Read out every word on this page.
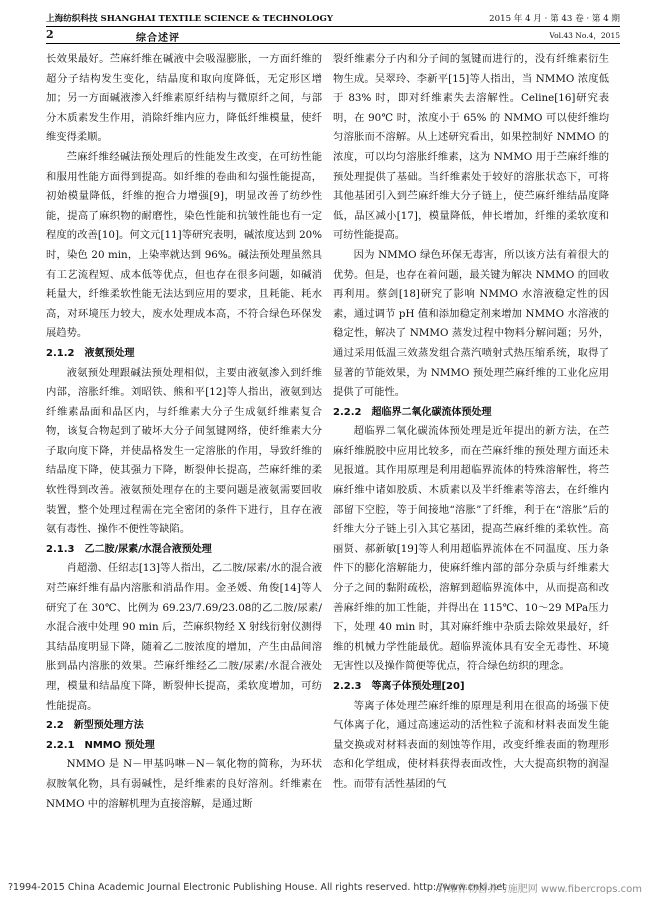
上海纺织科技 SHANGHAI TEXTILE SCIENCE & TECHNOLOGY	2015 年 4 月 · 第 43 卷 · 第 4 期
2	综合述评	Vol.43 No.4，2015

长效果最好。苎麻纤维在碱液中会吸湿膨胀，一方面纤维的超分子结构发生变化，结晶度和取向度降低，无定形区增加；另一方面碱液渗入纤维素原纤结构与微原纤之间，与部分木质素发生作用，消除纤维内应力，降低纤维模量，使纤维变得柔顺。

苎麻纤维经碱法预处理后的性能发生改变，在可纺性能和服用性能方面得到提高。如纤维的卷曲和勾强性能提高，初始模量降低，纤维的抱合力增强[9]，明显改善了纺纱性能，提高了麻织物的耐磨性，染色性能和抗皱性能也有一定程度的改善[10]。何文元[11]等研究表明，碱浓度达到 20%时，染色 20 min，上染率就达到 96%。碱法预处理虽然具有工艺流程短、成本低等优点，但也存在很多问题，如碱消耗量大，纤维柔软性能无法达到应用的要求，且耗能、耗水高，对环境压力较大，废水处理成本高，不符合绿色环保发展趋势。

2.1.2　液氨预处理

液氨预处理跟碱法预处理相似，主要由液氨渗入到纤维内部，溶胀纤维。刘昭铁、熊和平[12]等人指出，液氨到达纤维素晶面和晶区内，与纤维素大分子生成氨纤维素复合物，该复合物起到了破坏大分子间氢键网络，使纤维素大分子取向度下降，并使晶格发生一定溶胀的作用，导致纤维的结晶度下降，使其强力下降，断裂伸长提高，苎麻纤维的柔软性得到改善。液氨预处理存在的主要问题是液氨需要回收装置，整个处理过程需在完全密闭的条件下进行，且存在液氨有毒性、操作不便性等缺陷。

2.1.3　乙二胺/尿素/水混合液预处理

肖超渤、任绍志[13]等人指出，乙二胺/尿素/水的混合液对苎麻纤维有晶内溶胀和消晶作用。金圣媛、角俊[14]等人研究了在 30℃、比例为 69.23/7.69/23.08的乙二胺/尿素/水混合液中处理 90 min 后，苎麻织物经 X 射线衍射仪测得其结晶度明显下降，随着乙二胺浓度的增加，产生由晶间溶胀到晶内溶胀的效果。苎麻纤维经乙二胺/尿素/水混合液处理，模量和结晶度下降，断裂伸长提高，柔软度增加，可纺性能提高。

2.2　新型预处理方法
2.2.1　NMMO 预处理

NMMO 是 N－甲基吗啉－N－氧化物的简称，为环状叔胺氧化物，具有弱碱性，是纤维素的良好溶剂。纤维素在 NMMO 中的溶解机理为直接溶解，是通过断

裂纤维素分子内和分子间的氢键而进行的，没有纤维素衍生物生成。吴翠玲、李新平[15]等人指出，当 NMMO 浓度低于 83% 时，即对纤维素失去溶解性。Celine[16]研究表明，在 90℃ 时，浓度小于 65% 的 NMMO 可以使纤维均匀溶胀而不溶解。从上述研究看出，如果控制好 NMMO 的浓度，可以均匀溶胀纤维素，这为 NMMO 用于苎麻纤维的预处理提供了基础。当纤维素处于较好的溶胀状态下，可将其他基团引入到苎麻纤维大分子链上，使苎麻纤维结晶度降低，晶区减小[17]，模量降低，伸长增加，纤维的柔软度和可纺性能提高。

因为 NMMO 绿色环保无毒害，所以该方法有着很大的优势。但是，也存在着问题，最关键为解决 NMMO 的回收再利用。蔡剑[18]研究了影响 NMMO 水溶液稳定性的因素，通过调节 pH 值和添加稳定剂来增加 NMMO 水溶液的稳定性，解决了 NMMO 蒸发过程中物料分解问题；另外，通过采用低温三效蒸发组合蒸汽喷射式热压缩系统，取得了显著的节能效果，为 NMMO 预处理苎麻纤维的工业化应用提供了可能性。

2.2.2　超临界二氧化碳流体预处理

超临界二氧化碳流体预处理是近年提出的新方法，在苎麻纤维脱胶中应用比较多，而在苎麻纤维的预处理方面还未见报道。其作用原理是利用超临界流体的特殊溶解性，将苎麻纤维中诸如胶质、木质素以及半纤维素等溶去，在纤维内部留下空腔，等于间接地“溶胀”了纤维，利于在“溶胀”后的纤维大分子链上引入其它基团，提高苎麻纤维的柔软性。高丽贤、郝新敏[19]等人利用超临界流体在不同温度、压力条件下的膨化溶解能力，使麻纤维内部的部分杂质与纤维素大分子之间的黏附疏松，溶解到超临界流体中，从而提高和改善麻纤维的加工性能，并得出在 115℃、10～29 MPa压力下，处理 40 min 时，其对麻纤维中杂质去除效果最好，纤维的机械力学性能最优。超临界流体具有安全无毒性、环境无害性以及操作简便等优点，符合绿色纺织的理念。

2.2.3　等离子体预处理[20]

等离子体处理苎麻纤维的原理是利用在很高的场强下使气体离子化，通过高速运动的活性粒子流和材料表面发生能量交换或对材料表面的刻蚀等作用，改变纤维表面的物理形态和化学组成，使材料获得表面改性，大大提高织物的润湿性。而带有活性基团的气

?1994-2015 China Academic Journal Electronic Publishing House. All rights reserved. http://www.cnki.net
纤维作物营养与施肥网 www.fibercrops.com
